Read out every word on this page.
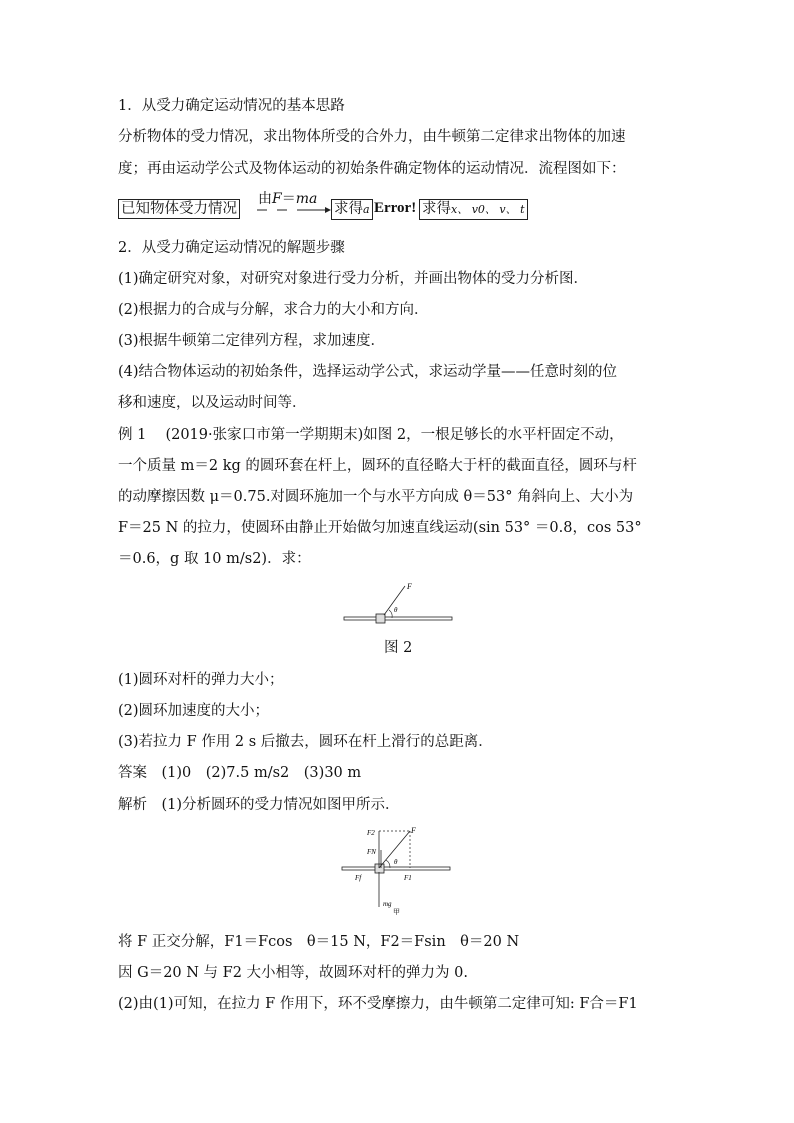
1．从受力确定运动情况的基本思路
分析物体的受力情况，求出物体所受的合外力，由牛顿第二定律求出物体的加速
度；再由运动学公式及物体运动的初始条件确定物体的运动情况．流程图如下：
已知物体受力情况
由F＝ma
求得a Error! 求得x、 v0、 v、 t
2．从受力确定运动情况的解题步骤
(1)确定研究对象，对研究对象进行受力分析，并画出物体的受力分析图．
(2)根据力的合成与分解，求合力的大小和方向．
(3)根据牛顿第二定律列方程，求加速度．
(4)结合物体运动的初始条件，选择运动学公式，求运动学量——任意时刻的位
移和速度，以及运动时间等．
例 1　 (2019·张家口市第一学期期末)如图 2，一根足够长的水平杆固定不动，
一个质量 m＝2 kg 的圆环套在杆上，圆环的直径略大于杆的截面直径，圆环与杆
的动摩擦因数 μ＝0.75.对圆环施加一个与水平方向成 θ＝53° 角斜向上、大小为
F＝25 N 的拉力，使圆环由静止开始做匀加速直线运动(sin 53° ＝0.8，cos 53°
＝0.6，g 取 10 m/s2)．求：
F
θ
图 2
(1)圆环对杆的弹力大小；
(2)圆环加速度的大小；
(3)若拉力 F 作用 2 s 后撤去，圆环在杆上滑行的总距离．
答案　(1)0　(2)7.5 m/s2　(3)30 m
解析　(1)分析圆环的受力情况如图甲所示．
F2	F
FN
θ
Ff	F1
mg
甲
将 F 正交分解，F1＝Fcos　θ＝15 N，F2＝Fsin　θ＝20 N
因 G＝20 N 与 F2 大小相等，故圆环对杆的弹力为 0.
(2)由(1)可知，在拉力 F 作用下，环不受摩擦力，由牛顿第二定律可知: F合＝F1
